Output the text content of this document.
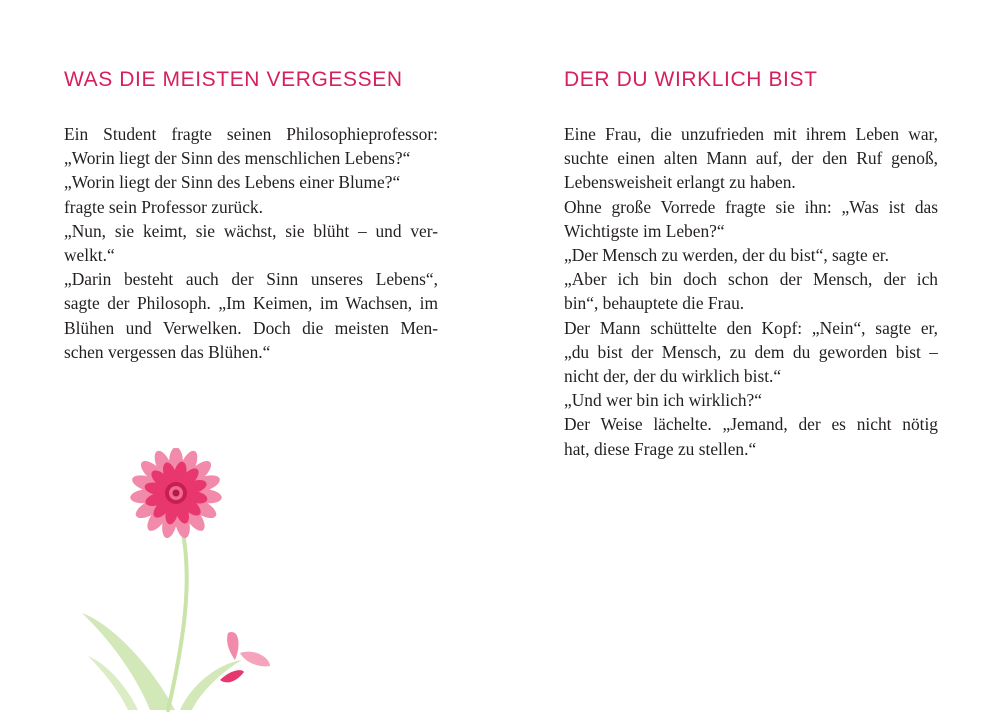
WAS DIE MEISTEN VERGESSEN
Ein Student fragte seinen Philosophieprofessor:
„Worin liegt der Sinn des menschlichen Lebens?“
„Worin liegt der Sinn des Lebens einer Blume?“
fragte sein Professor zurück.
„Nun, sie keimt, sie wächst, sie blüht – und ver-
welkt.“
„Darin besteht auch der Sinn unseres Lebens“,
sagte der Philosoph. „Im Keimen, im Wachsen, im
Blühen und Verwelken. Doch die meisten Men-
schen vergessen das Blühen.“
DER DU WIRKLICH BIST
Eine Frau, die unzufrieden mit ihrem Leben war,
suchte einen alten Mann auf, der den Ruf genoß,
Lebensweisheit erlangt zu haben.
Ohne große Vorrede fragte sie ihn: „Was ist das
Wichtigste im Leben?“
„Der Mensch zu werden, der du bist“, sagte er.
„Aber ich bin doch schon der Mensch, der ich
bin“, behauptete die Frau.
Der Mann schüttelte den Kopf: „Nein“, sagte er,
„du bist der Mensch, zu dem du geworden bist –
nicht der, der du wirklich bist.“
„Und wer bin ich wirklich?“
Der Weise lächelte. „Jemand, der es nicht nötig
hat, diese Frage zu stellen.“
